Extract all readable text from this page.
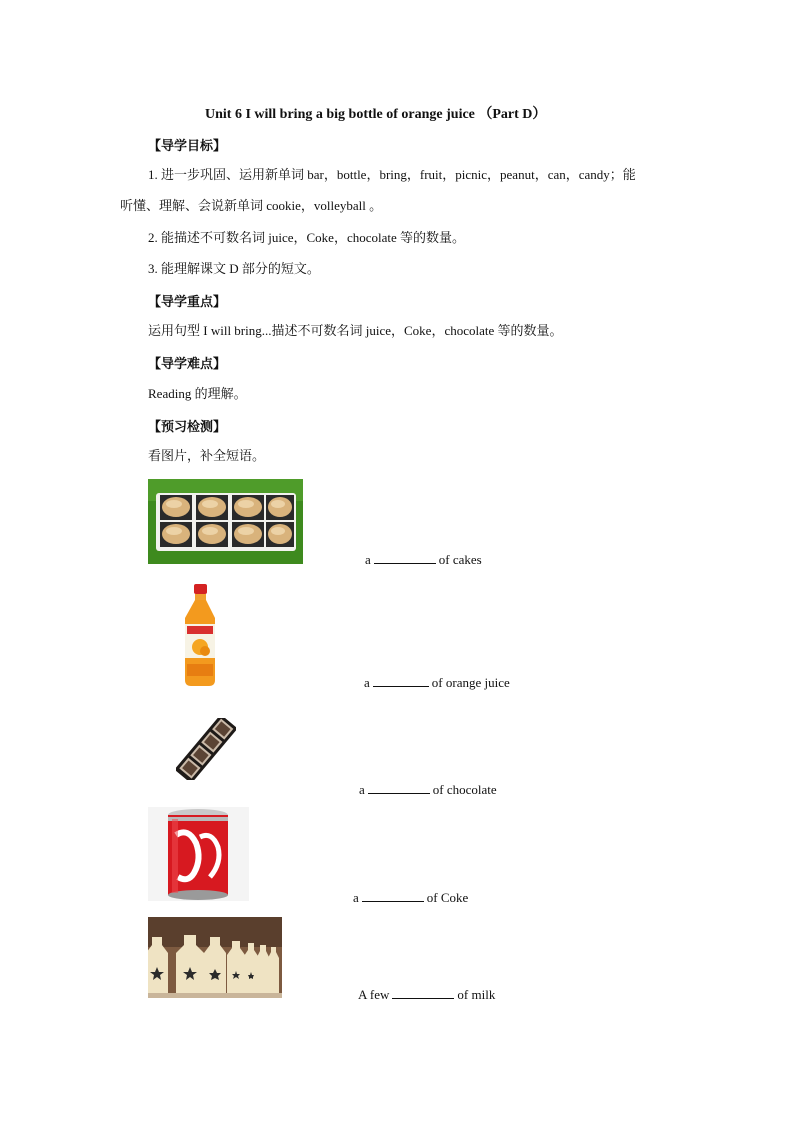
Unit 6 I will bring a big bottle of orange juice （Part D）
【导学目标】
1. 进一步巩固、运用新单词 bar，bottle，bring，fruit，picnic，peanut，can，candy；能
听懂、理解、会说新单词 cookie，volleyball 。
2. 能描述不可数名词 juice，Coke，chocolate 等的数量。
3. 能理解课文 D 部分的短文。
【导学重点】
运用句型 I will bring...描述不可数名词 juice，Coke，chocolate 等的数量。
【导学难点】
Reading 的理解。
【预习检测】
看图片，补全短语。
a	of cakes
a	of orange juice
a	of chocolate
a	of Coke
A few	of milk
